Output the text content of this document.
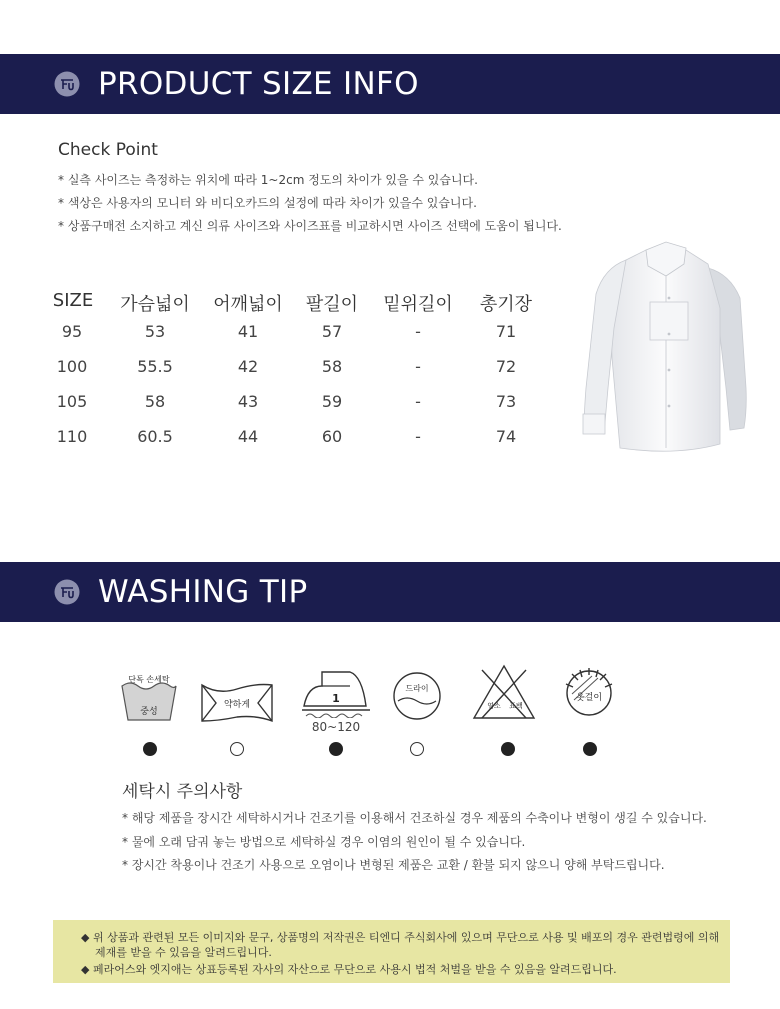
PRODUCT SIZE INFO
Check Point
* 실측 사이즈는 측정하는 위치에 따라 1~2cm 정도의 차이가 있을 수 있습니다.
* 색상은 사용자의 모니터 와 비디오카드의 설정에 따라 차이가 있을수 있습니다.
* 상품구매전 소지하고 계신 의류 사이즈와 사이즈표를 비교하시면 사이즈 선택에 도움이 됩니다.
SIZE 가슴넓이 어깨넓이	팔길이	밑위길이	총기장
95	53	41	57	-	71
100	55.5	42	58	-	72
105	58	43	59	-	73
110	60.5	44	60	-	74
WASHING TIP
단독 손세탁
중성
약하게	1
80~120
드라이
염소 표백
옷걸이
세탁시 주의사항
* 해당 제품을 장시간 세탁하시거나 건조기를 이용해서 건조하실 경우 제품의 수축이나 변형이 생길 수 있습니다.
* 물에 오래 담궈 놓는 방법으로 세탁하실 경우 이염의 원인이 될 수 있습니다.
* 장시간 착용이나 건조기 사용으로 오염이나 변형된 제품은 교환 / 환불 되지 않으니 양해 부탁드립니다.
◆ 위 상품과 관련된 모든 이미지와 문구, 상품명의 저작권은 티엔디 주식회사에 있으며 무단으로 사용 및 배포의 경우 관련법령에 의해
제재를 받을 수 있음을 알려드립니다.
◆ 페라어스와 엣지애는 상표등록된 자사의 자산으로 무단으로 사용시 법적 처벌을 받을 수 있음을 알려드립니다.
